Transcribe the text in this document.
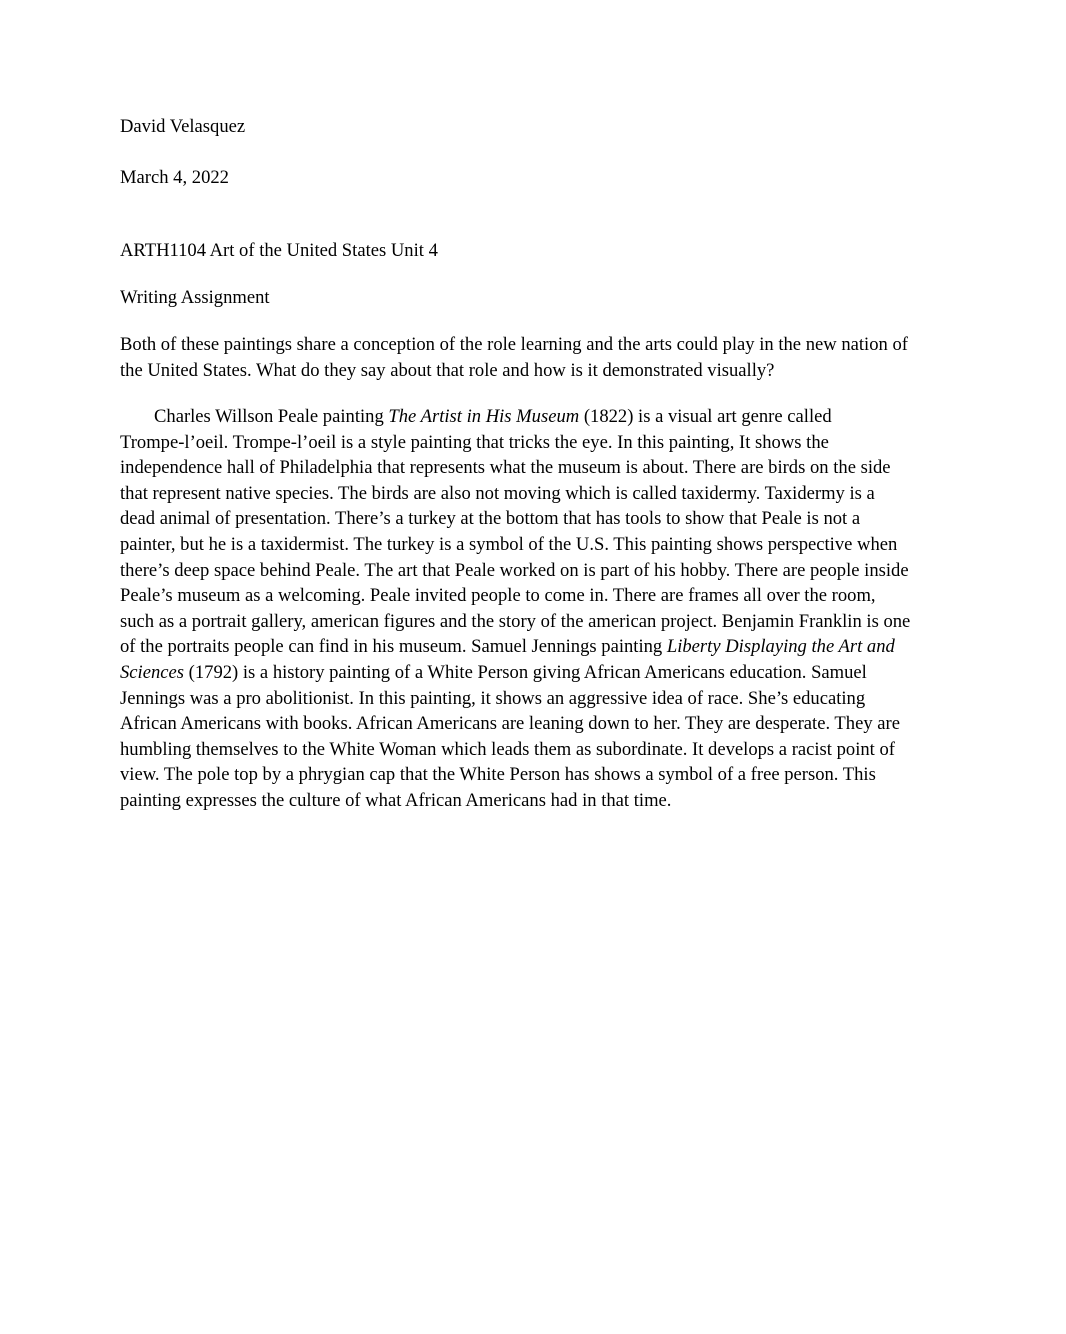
David Velasquez

March 4, 2022

ARTH1104 Art of the United States Unit 4

Writing Assignment

Both of these paintings share a conception of the role learning and the arts could play in the new nation of
the United States. What do they say about that role and how is it demonstrated visually?
Charles Willson Peale painting The Artist in His Museum (1822) is a visual art genre called
Trompe-l’oeil. Trompe-l’oeil is a style painting that tricks the eye. In this painting, It shows the
independence hall of Philadelphia that represents what the museum is about. There are birds on the side
that represent native species. The birds are also not moving which is called taxidermy. Taxidermy is a
dead animal of presentation. There’s a turkey at the bottom that has tools to show that Peale is not a
painter, but he is a taxidermist. The turkey is a symbol of the U.S. This painting shows perspective when
there’s deep space behind Peale. The art that Peale worked on is part of his hobby. There are people inside
Peale’s museum as a welcoming. Peale invited people to come in. There are frames all over the room,
such as a portrait gallery, american figures and the story of the american project. Benjamin Franklin is one
of the portraits people can find in his museum. Samuel Jennings painting Liberty Displaying the Art and
Sciences (1792) is a history painting of a White Person giving African Americans education. Samuel
Jennings was a pro abolitionist. In this painting, it shows an aggressive idea of race. She’s educating
African Americans with books. African Americans are leaning down to her. They are desperate. They are
humbling themselves to the White Woman which leads them as subordinate. It develops a racist point of
view. The pole top by a phrygian cap that the White Person has shows a symbol of a free person. This
painting expresses the culture of what African Americans had in that time.
